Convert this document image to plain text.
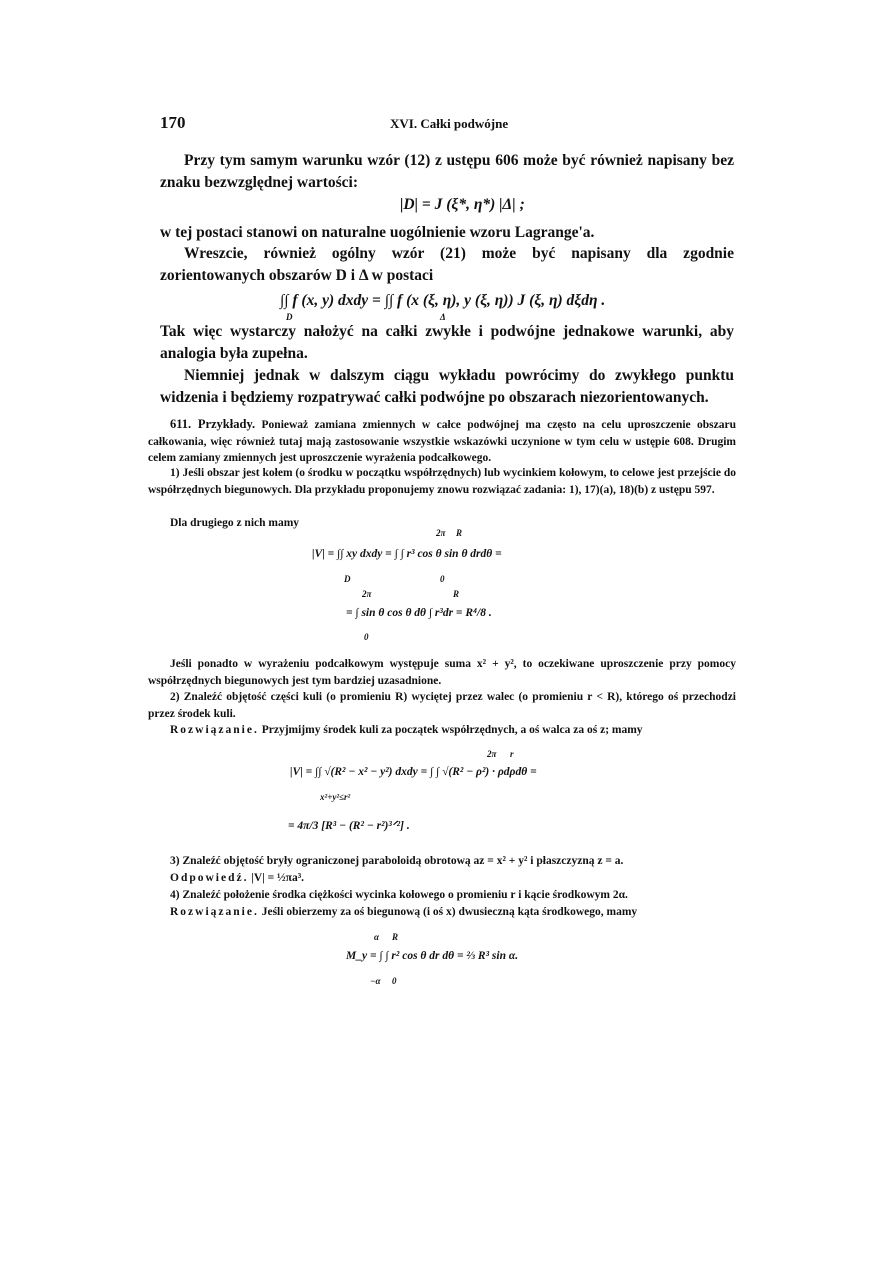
170	XVI. Całki podwójne

Przy tym samym warunku wzór (12) z ustępu 606 może być również napisany bez znaku bezwzględnej wartości:

|D| = J (ξ*, η*) |Δ| ;

w tej postaci stanowi on naturalne uogólnienie wzoru Lagrange'a.

Wreszcie, również ogólny wzór (21) może być napisany dla zgodnie zorientowanych obszarów D i Δ w postaci

∫∫ f (x, y) dxdy = ∫∫ f (x (ξ, η), y (ξ, η)) J (ξ, η) dξdη .
D	Δ

Tak więc wystarczy nałożyć na całki zwykłe i podwójne jednakowe warunki, aby analogia była zupełna.

Niemniej jednak w dalszym ciągu wykładu powrócimy do zwykłego punktu widzenia i będziemy rozpatrywać całki podwójne po obszarach niezorientowanych.

611. Przykłady. Ponieważ zamiana zmiennych w całce podwójnej ma często na celu uproszczenie obszaru całkowania, więc również tutaj mają zastosowanie wszystkie wskazówki uczynione w tym celu w ustępie 608. Drugim celem zamiany zmiennych jest uproszczenie wyrażenia podcałkowego.

1) Jeśli obszar jest kołem (o środku w początku współrzędnych) lub wycinkiem kołowym, to celowe jest przejście do współrzędnych biegunowych. Dla przykładu proponujemy znowu rozwiązać zadania: 1), 17)(a), 18)(b) z ustępu 597.

Dla drugiego z nich mamy

|V| = ∫∫ xy dxdy = ∫ ∫ r³ cos θ sin θ drdθ =
D
2π R
0
= ∫ sin θ cos θ dθ ∫ r³dr = R⁴/8 .
2π	R
0

Jeśli ponadto w wyrażeniu podcałkowym występuje suma x² + y², to oczekiwane uproszczenie przy pomocy współrzędnych biegunowych jest tym bardziej uzasadnione.

2) Znaleźć objętość części kuli (o promieniu R) wyciętej przez walec (o promieniu r < R), którego oś przechodzi przez środek kuli.

Rozwiązanie. Przyjmijmy środek kuli za początek współrzędnych, a oś walca za oś z; mamy

|V| = ∫∫ √(R² − x² − y²) dxdy = ∫ ∫ √(R² − ρ²) · ρdρdθ =
x²+y²≤r²
2π r
= 4π/3 [R³ − (R² − r²)³ᐟ²] .

3) Znaleźć objętość bryły ograniczonej paraboloidą obrotową az = x² + y² i płaszczyzną z = a.

Odpowiedź. |V| = ½πa³.

4) Znaleźć położenie środka ciężkości wycinka kołowego o promieniu r i kącie środkowym 2α.

Rozwiązanie. Jeśli obierzemy za oś biegunową (i oś x) dwusieczną kąta środkowego, mamy

M_y = ∫ ∫ r² cos θ dr dθ = ⅔ R³ sin α.
α R
−α 0
